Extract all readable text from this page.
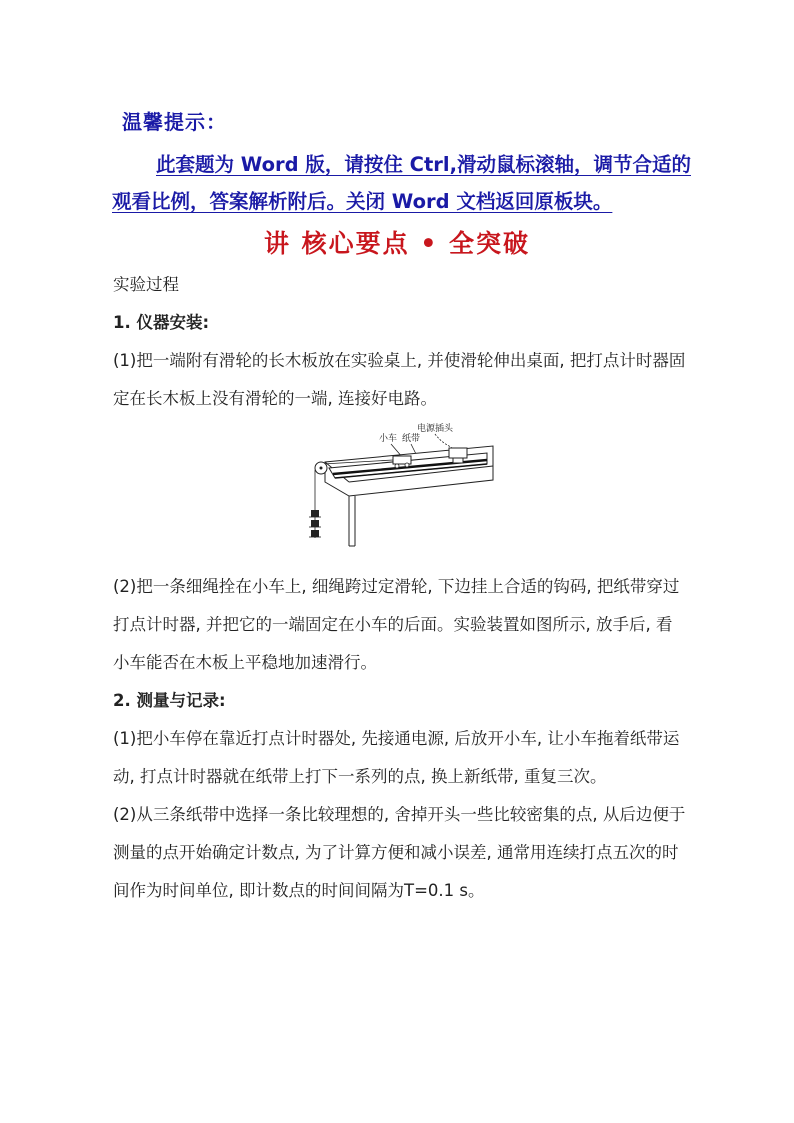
温馨提示：

此套题为 Word 版，请按住 Ctrl,滑动鼠标滚轴，调节合适的观看比例，答案解析附后。关闭 Word 文档返回原板块。

讲 核心要点 • 全突破

实验过程

1. 仪器安装:

(1)把一端附有滑轮的长木板放在实验桌上, 并使滑轮伸出桌面, 把打点计时器固定在长木板上没有滑轮的一端, 连接好电路。

电源插头
小车 纸带

(2)把一条细绳拴在小车上, 细绳跨过定滑轮, 下边挂上合适的钩码, 把纸带穿过打点计时器, 并把它的一端固定在小车的后面。实验装置如图所示, 放手后, 看小车能否在木板上平稳地加速滑行。

2. 测量与记录:

(1)把小车停在靠近打点计时器处, 先接通电源, 后放开小车, 让小车拖着纸带运动, 打点计时器就在纸带上打下一系列的点, 换上新纸带, 重复三次。

(2)从三条纸带中选择一条比较理想的, 舍掉开头一些比较密集的点, 从后边便于测量的点开始确定计数点, 为了计算方便和减小误差, 通常用连续打点五次的时间作为时间单位, 即计数点的时间间隔为T=0.1 s。
